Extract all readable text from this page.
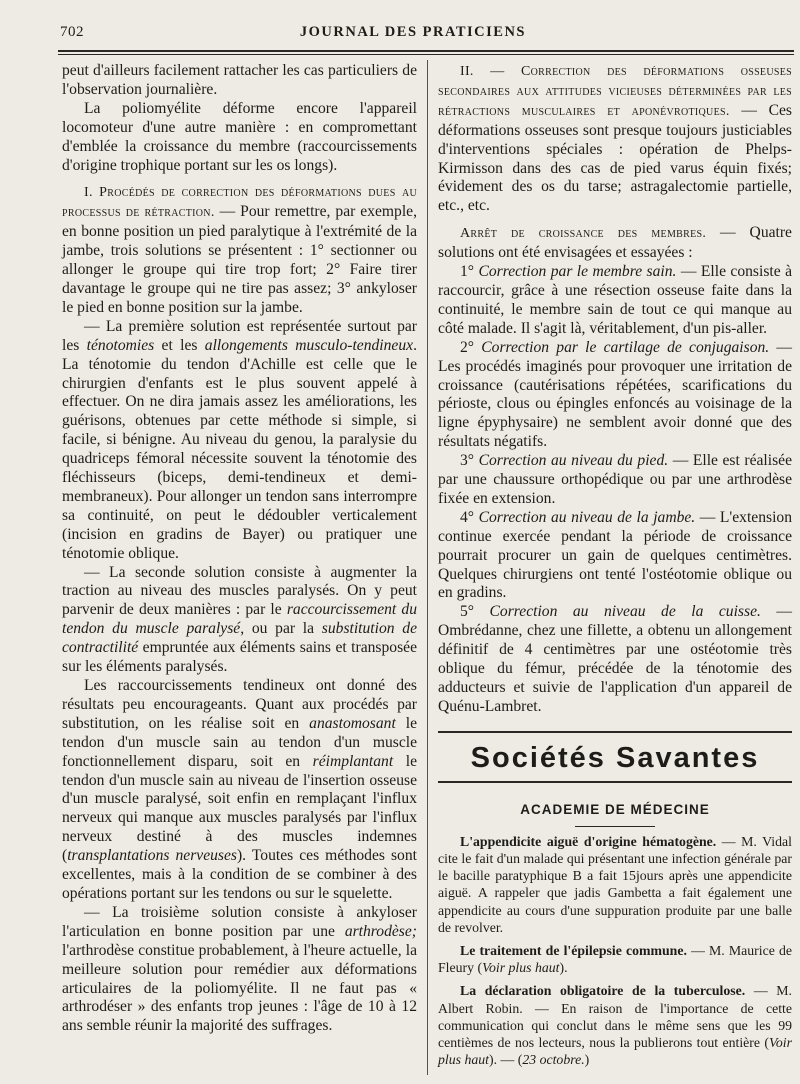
702	JOURNAL DES PRATICIENS

peut d'ailleurs facilement rattacher les cas particuliers de l'observation journalière.

La poliomyélite déforme encore l'appareil locomoteur d'une autre manière : en compromettant d'emblée la croissance du membre (raccourcissements d'origine trophique portant sur les os longs).

I. Procédés de correction des déformations dues au processus de rétraction. — Pour remettre, par exemple, en bonne position un pied paralytique à l'extrémité de la jambe, trois solutions se présentent : 1° sectionner ou allonger le groupe qui tire trop fort; 2° Faire tirer davantage le groupe qui ne tire pas assez; 3° ankyloser le pied en bonne position sur la jambe.

— La première solution est représentée surtout par les ténotomies et les allongements musculo-tendineux. La ténotomie du tendon d'Achille est celle que le chirurgien d'enfants est le plus souvent appelé à effectuer. On ne dira jamais assez les améliorations, les guérisons, obtenues par cette méthode si simple, si facile, si bénigne. Au niveau du genou, la paralysie du quadriceps fémoral nécessite souvent la ténotomie des fléchisseurs (biceps, demi-tendineux et demi-membraneux). Pour allonger un tendon sans interrompre sa continuité, on peut le dédoubler verticalement (incision en gradins de Bayer) ou pratiquer une ténotomie oblique.

— La seconde solution consiste à augmenter la traction au niveau des muscles paralysés. On y peut parvenir de deux manières : par le raccourcissement du tendon du muscle paralysé, ou par la substitution de contractilité empruntée aux éléments sains et transposée sur les éléments paralysés.

Les raccourcissements tendineux ont donné des résultats peu encourageants. Quant aux procédés par substitution, on les réalise soit en anastomosant le tendon d'un muscle sain au tendon d'un muscle fonctionnellement disparu, soit en réimplantant le tendon d'un muscle sain au niveau de l'insertion osseuse d'un muscle paralysé, soit enfin en remplaçant l'influx nerveux qui manque aux muscles paralysés par l'influx nerveux destiné à des muscles indemnes (transplantations nerveuses). Toutes ces méthodes sont excellentes, mais à la condition de se combiner à des opérations portant sur les tendons ou sur le squelette.

— La troisième solution consiste à ankyloser l'articulation en bonne position par une arthrodèse; l'arthrodèse constitue probablement, à l'heure actuelle, la meilleure solution pour remédier aux déformations articulaires de la poliomyélite. Il ne faut pas « arthrodéser » des enfants trop jeunes : l'âge de 10 à 12 ans semble réunir la majorité des suffrages.

II. — Correction des déformations osseuses secondaires aux attitudes vicieuses déterminées par les rétractions musculaires et aponévrotiques. — Ces déformations osseuses sont presque toujours justiciables d'interventions spéciales : opération de Phelps-Kirmisson dans des cas de pied varus équin fixés; évidement des os du tarse; astragalectomie partielle, etc., etc.

Arrêt de croissance des membres. — Quatre solutions ont été envisagées et essayées :

1° Correction par le membre sain. — Elle consiste à raccourcir, grâce à une résection osseuse faite dans la continuité, le membre sain de tout ce qui manque au côté malade. Il s'agit là, véritablement, d'un pis-aller.

2° Correction par le cartilage de conjugaison. — Les procédés imaginés pour provoquer une irritation de croissance (cautérisations répétées, scarifications du périoste, clous ou épingles enfoncés au voisinage de la ligne épyphysaire) ne semblent avoir donné que des résultats négatifs.

3° Correction au niveau du pied. — Elle est réalisée par une chaussure orthopédique ou par une arthrodèse fixée en extension.

4° Correction au niveau de la jambe. — L'extension continue exercée pendant la période de croissance pourrait procurer un gain de quelques centimètres. Quelques chirurgiens ont tenté l'ostéotomie oblique ou en gradins.

5° Correction au niveau de la cuisse. — Ombrédanne, chez une fillette, a obtenu un allongement définitif de 4 centimètres par une ostéotomie très oblique du fémur, précédée de la ténotomie des adducteurs et suivie de l'application d'un appareil de Quénu-Lambret.

Sociétés Savantes
ACADEMIE DE MÉDECINE

L'appendicite aiguë d'origine hématogène. — M. Vidal cite le fait d'un malade qui présentant une infection générale par le bacille paratyphique B a fait 15jours après une appendicite aiguë. A rappeler que jadis Gambetta a fait également une appendicite au cours d'une suppuration produite par une balle de revolver.

Le traitement de l'épilepsie commune. — M. Maurice de Fleury (Voir plus haut).

La déclaration obligatoire de la tuberculose. — M. Albert Robin. — En raison de l'importance de cette communication qui conclut dans le même sens que les 99 centièmes de nos lecteurs, nous la publierons tout entière (Voir plus haut). — (23 octobre.)
